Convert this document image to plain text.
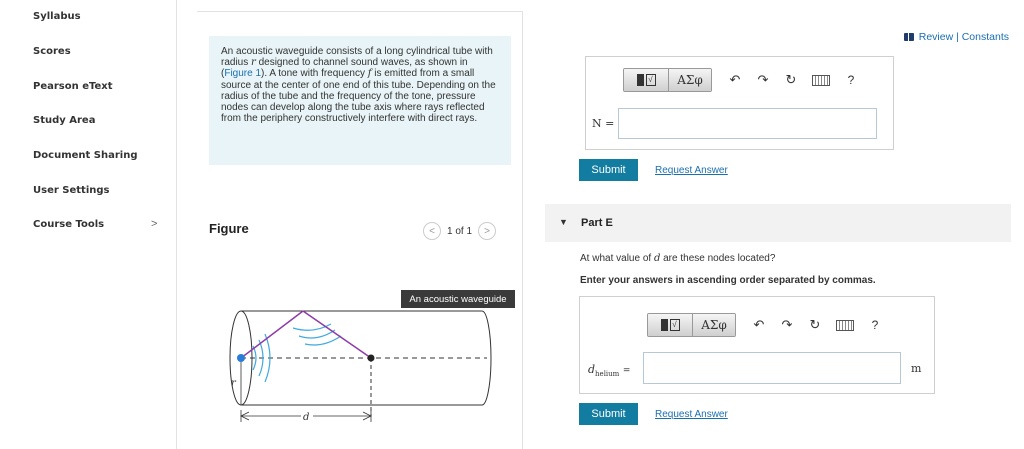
Syllabus
Scores
Pearson eText
Study Area
Document Sharing
User Settings
Course Tools	>
An acoustic waveguide consists of a long cylindrical tube with radius r designed to channel sound waves, as shown in (Figure 1). A tone with frequency f is emitted from a small source at the center of one end of this tube. Depending on the radius of the tube and the frequency of the tone, pressure nodes can develop along the tube axis where rays reflected from the periphery constructively interfere with direct rays.
Figure	<	1 of 1	>
An acoustic waveguide
r
d
Review | Constants
√	ΑΣφ	↶ ↷ ↻	?
N =
Submit	Request Answer
▼ Part E
At what value of d are these nodes located?
Enter your answers in ascending order separated by commas.
√	ΑΣφ	↶ ↷ ↻	?
$d_{helium}$ =	m
Submit	Request Answer
